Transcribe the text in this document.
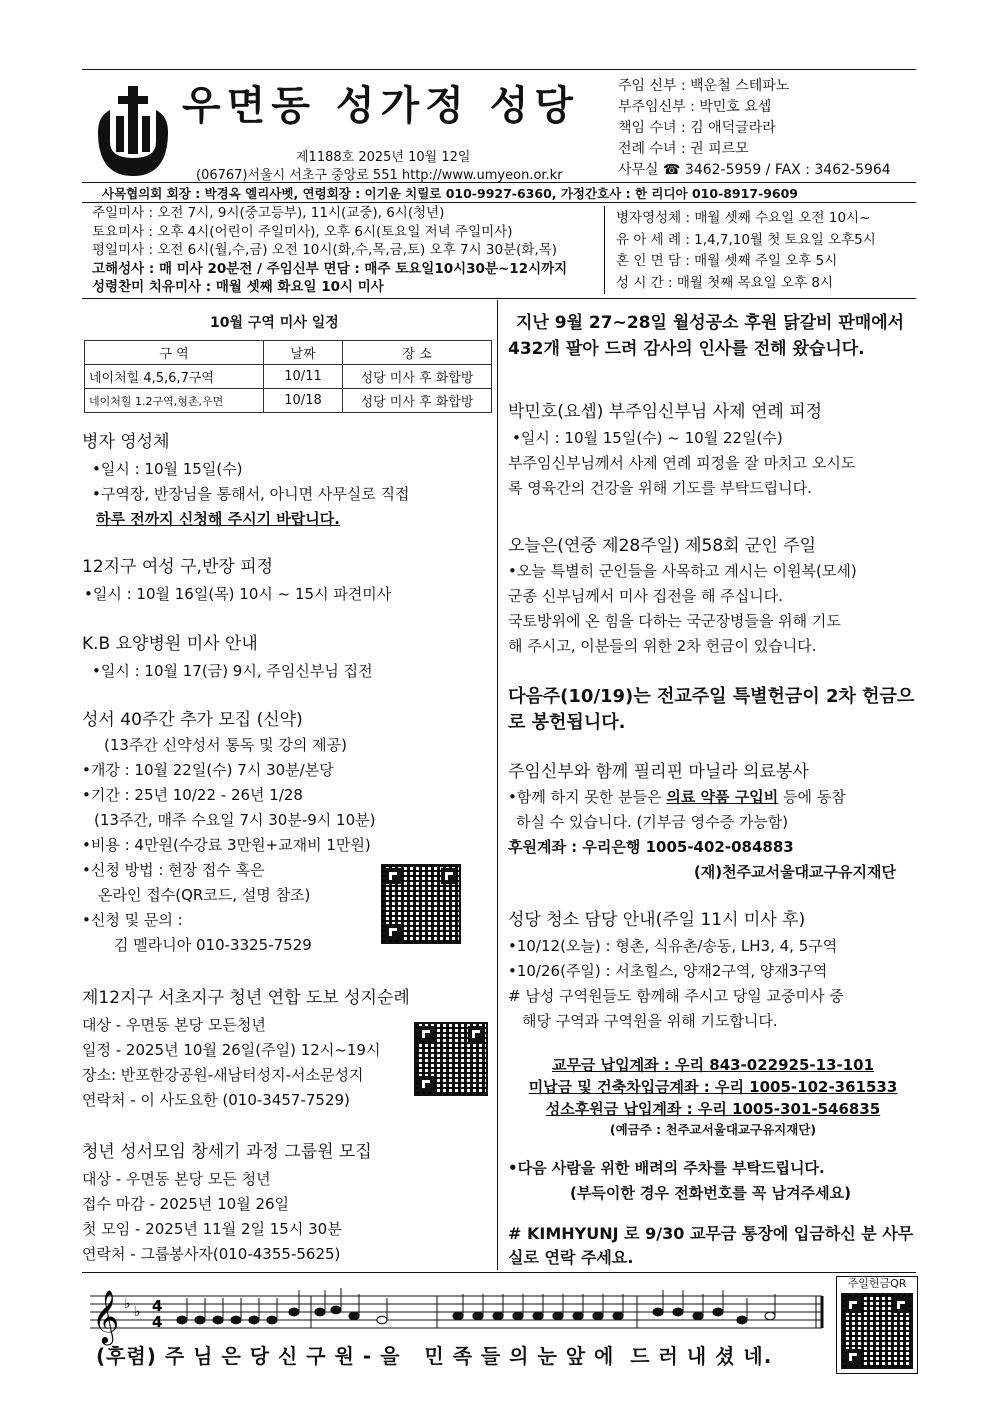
우면동 성가정 성당
제1188호 2025년 10월 12일
(06767)서울시 서초구 중앙로 551 http://www.umyeon.or.kr
주임 신부 : 백운철 스테파노
부주임신부 : 박민호 요셉
책임 수녀 : 김 애덕글라라
전례 수녀 : 권 피르모
사무실 ☎ 3462-5959 / FAX : 3462-5964
사목협의회 회장 : 박경옥 엘리사벳, 연령회장 : 이기운 치릴로 010-9927-6360, 가정간호사 : 한 리디아 010-8917-9609
주일미사 : 오전 7시, 9시(중고등부), 11시(교중), 6시(청년)
토요미사 : 오후 4시(어린이 주일미사), 오후 6시(토요일 저녁 주일미사)
평일미사 : 오전 6시(월,수,금) 오전 10시(화,수,목,금,토) 오후 7시 30분(화,목)
고해성사 : 매 미사 20분전 / 주임신부 면담 : 매주 토요일10시30분~12시까지
성령찬미 치유미사 : 매월 셋째 화요일 10시 미사
병자영성체 : 매월 셋째 수요일 오전 10시~
유 아 세 례 : 1,4,7,10월 첫 토요일 오후5시
혼 인 면 담 : 매월 셋째 주일 오후 5시
성 시 간 : 매월 첫째 목요일 오후 8시
10월 구역 미사 일정
구 역	날짜	장 소
네이처힐 4,5,6,7구역	10/11	성당 미사 후 화합방
네이처힐 1.2구역,형촌,우면	10/18	성당 미사 후 화합방
병자 영성체
•일시 : 10월 15일(수)
•구역장, 반장님을 통해서, 아니면 사무실로 직접
하루 전까지 신청해 주시기 바랍니다.
12지구 여성 구,반장 피정
•일시 : 10월 16일(목) 10시 ~ 15시 파견미사
K.B 요양병원 미사 안내
•일시 : 10월 17(금) 9시, 주임신부님 집전
성서 40주간 추가 모집 (신약)
(13주간 신약성서 통독 및 강의 제공)
•개강 : 10월 22일(수) 7시 30분/본당
•기간 : 25년 10/22 - 26년 1/28
(13주간, 매주 수요일 7시 30분-9시 10분)
•비용 : 4만원(수강료 3만원+교재비 1만원)
•신청 방법 : 현장 접수 혹은
온라인 접수(QR코드, 설명 참조)
•신청 및 문의 :
김 멜라니아 010-3325-7529
제12지구 서초지구 청년 연합 도보 성지순례
대상 - 우면동 본당 모든청년
일정 - 2025년 10월 26일(주일) 12시~19시
장소: 반포한강공원-새남터성지-서소문성지
연락처 - 이 사도요한 (010-3457-7529)
청년 성서모임 창세기 과정 그룹원 모집
대상 - 우면동 본당 모든 청년
접수 마감 - 2025년 10월 26일
첫 모임 - 2025년 11월 2일 15시 30분
연락처 - 그룹봉사자(010-4355-5625)
지난 9월 27~28일 월성공소 후원 닭갈비 판매에서 432개 팔아 드려 감사의 인사를 전해 왔습니다.
박민호(요셉) 부주임신부님 사제 연례 피정
•일시 : 10월 15일(수) ~ 10월 22일(수)
부주임신부님께서 사제 연례 피정을 잘 마치고 오시도
록 영육간의 건강을 위해 기도를 부탁드립니다.
오늘은(연중 제28주일) 제58회 군인 주일
•오늘 특별히 군인들을 사목하고 계시는 이원복(모세)
군종 신부님께서 미사 집전을 해 주십니다.
국토방위에 온 힘을 다하는 국군장병들을 위해 기도
해 주시고, 이분들의 위한 2차 헌금이 있습니다.
다음주(10/19)는 전교주일 특별헌금이 2차 헌금으로 봉헌됩니다.
주임신부와 함께 필리핀 마닐라 의료봉사
•함께 하지 못한 분들은 의료 약품 구입비 등에 동참
하실 수 있습니다. (기부금 영수증 가능함)
후원계좌 : 우리은행 1005-402-084883
(재)천주교서울대교구유지재단
성당 청소 담당 안내(주일 11시 미사 후)
•10/12(오늘) : 형촌, 식유촌/송동, LH3, 4, 5구역
•10/26(주일) : 서초힐스, 양재2구역, 양재3구역
# 남성 구역원들도 함께해 주시고 당일 교중미사 중
해당 구역과 구역원을 위해 기도합니다.
교무금 납입계좌 : 우리 843-022925-13-101
미납금 및 건축차입금계좌 : 우리 1005-102-361533
성소후원금 납입계좌 : 우리 1005-301-546835
(예금주 : 천주교서울대교구유지재단)
•다음 사람을 위한 배려의 주차를 부탁드립니다.
(부득이한 경우 전화번호를 꼭 남겨주세요)
# KIMHYUNJ 로 9/30 교무금 통장에 입금하신 분 사무실로 연락 주세요.
𝄞 ♭ ♭ 4
4
(후렴) 주 님 은 당 신 구 원 - 을   민 족 들 의 눈 앞 에  드 러 내 셨 네.
주일헌금QR
